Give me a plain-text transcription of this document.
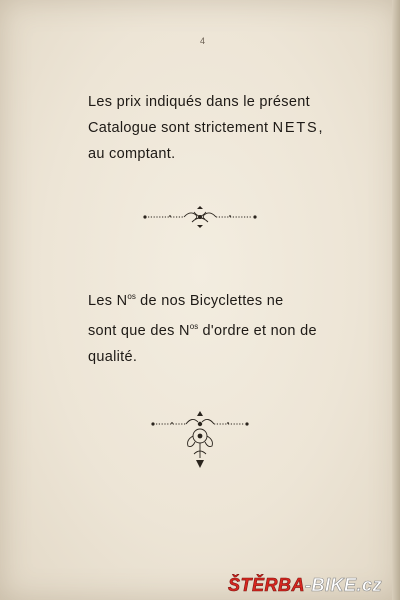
4
Les prix indiqués dans le présent
Catalogue sont strictement NETS,
au comptant.
Les $N^{os}$ de nos Bicyclettes ne
sont que des $N^{os}$ d'ordre et non de
qualité.
ŠTĚRBA-BIKE.cz
